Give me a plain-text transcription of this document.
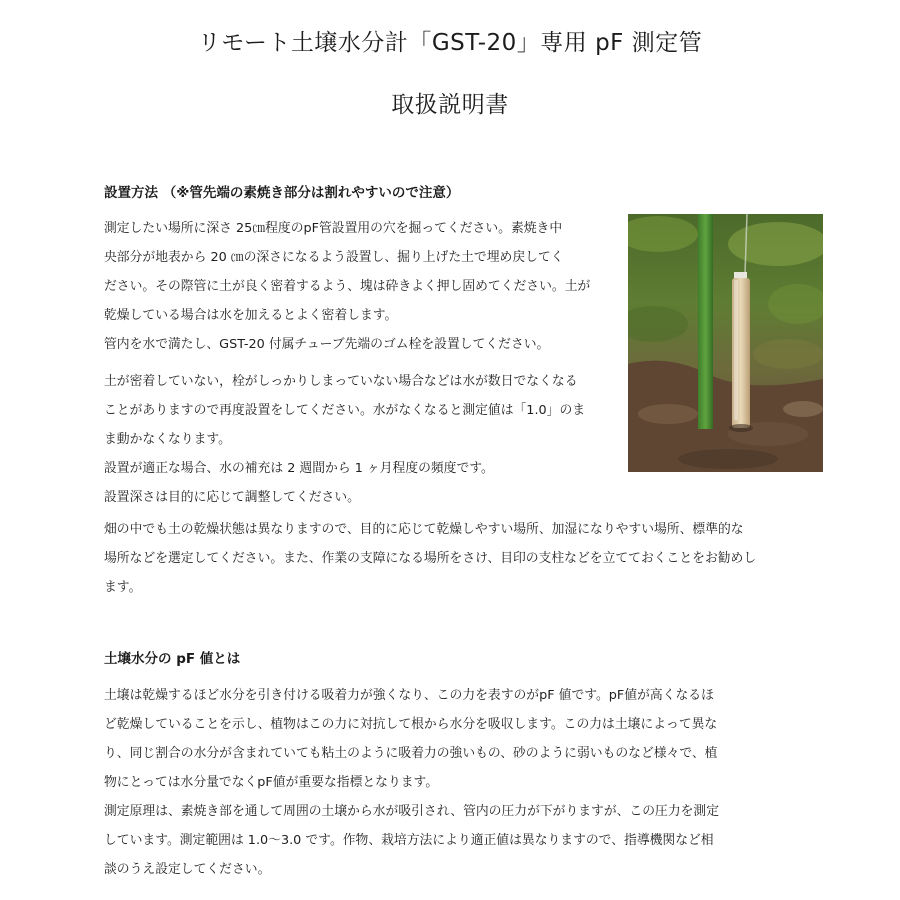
リモート土壌水分計「GST-20」専用 pF 測定管
取扱説明書
設置方法 （※管先端の素焼き部分は割れやすいので注意）
測定したい場所に深さ 25㎝程度のpF管設置用の穴を掘ってください。素焼き中
央部分が地表から 20 ㎝の深さになるよう設置し、掘り上げた土で埋め戻してく
ださい。その際管に土が良く密着するよう、塊は砕きよく押し固めてください。土が
乾燥している場合は水を加えるとよく密着します。
管内を水で満たし、GST-20 付属チューブ先端のゴム栓を設置してください。
土が密着していない，栓がしっかりしまっていない場合などは水が数日でなくなる
ことがありますので再度設置をしてください。水がなくなると測定値は「1.0」のま
ま動かなくなります。
設置が適正な場合、水の補充は 2 週間から 1 ヶ月程度の頻度です。
設置深さは目的に応じて調整してください。
畑の中でも土の乾燥状態は異なりますので、目的に応じて乾燥しやすい場所、加湿になりやすい場所、標準的な
場所などを選定してください。また、作業の支障になる場所をさけ、目印の支柱などを立てておくことをお勧めし
ます。
土壌水分の pF 値とは
土壌は乾燥するほど水分を引き付ける吸着力が強くなり、この力を表すのがpF 値です。pF値が高くなるほ
ど乾燥していることを示し、植物はこの力に対抗して根から水分を吸収します。この力は土壌によって異な
り、同じ割合の水分が含まれていても粘土のように吸着力の強いもの、砂のように弱いものなど様々で、植
物にとっては水分量でなくpF値が重要な指標となります。
測定原理は、素焼き部を通して周囲の土壌から水が吸引され、管内の圧力が下がりますが、この圧力を測定
しています。測定範囲は 1.0～3.0 です。作物、栽培方法により適正値は異なりますので、指導機関など相
談のうえ設定してください。
